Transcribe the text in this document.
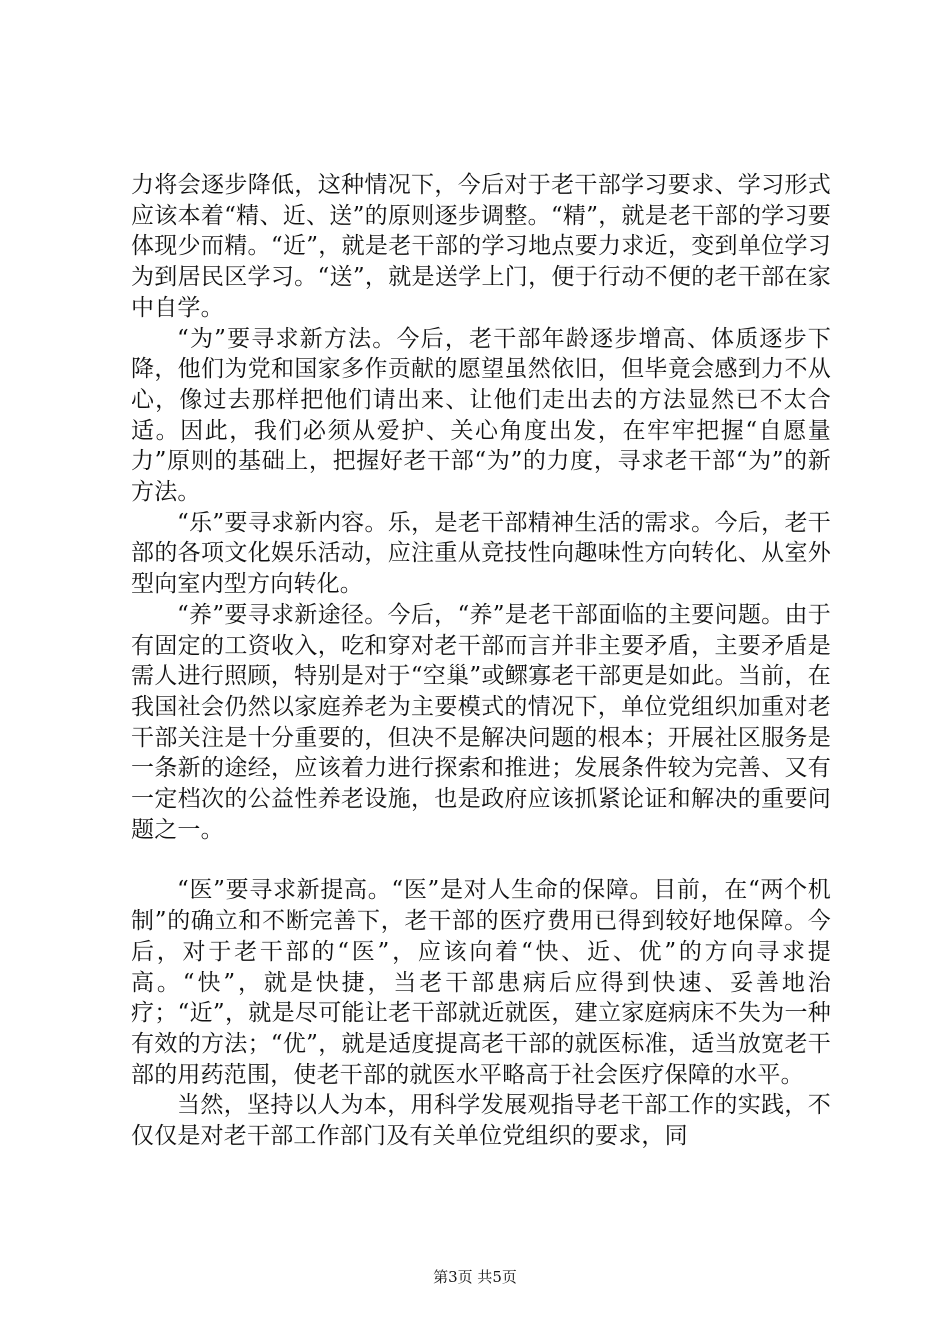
力将会逐步降低，这种情况下，今后对于老干部学习要求、学习形式应该本着“精、近、送”的原则逐步调整。“精”，就是老干部的学习要体现少而精。“近”，就是老干部的学习地点要力求近，变到单位学习为到居民区学习。“送”，就是送学上门，便于行动不便的老干部在家中自学。

“为”要寻求新方法。今后，老干部年龄逐步增高、体质逐步下降，他们为党和国家多作贡献的愿望虽然依旧，但毕竟会感到力不从心，像过去那样把他们请出来、让他们走出去的方法显然已不太合适。因此，我们必须从爱护、关心角度出发，在牢牢把握“自愿量力”原则的基础上，把握好老干部“为”的力度，寻求老干部“为”的新方法。

“乐”要寻求新内容。乐，是老干部精神生活的需求。今后，老干部的各项文化娱乐活动，应注重从竞技性向趣味性方向转化、从室外型向室内型方向转化。

“养”要寻求新途径。今后，“养”是老干部面临的主要问题。由于有固定的工资收入，吃和穿对老干部而言并非主要矛盾，主要矛盾是需人进行照顾，特别是对于“空巢”或鳏寡老干部更是如此。当前，在我国社会仍然以家庭养老为主要模式的情况下，单位党组织加重对老干部关注是十分重要的，但决不是解决问题的根本；开展社区服务是一条新的途经，应该着力进行探索和推进；发展条件较为完善、又有一定档次的公益性养老设施，也是政府应该抓紧论证和解决的重要问题之一。

“医”要寻求新提高。“医”是对人生命的保障。目前，在“两个机制”的确立和不断完善下，老干部的医疗费用已得到较好地保障。今后，对于老干部的“医”，应该向着“快、近、优”的方向寻求提高。“快”，就是快捷，当老干部患病后应得到快速、妥善地治疗；“近”，就是尽可能让老干部就近就医，建立家庭病床不失为一种有效的方法；“优”，就是适度提高老干部的就医标准，适当放宽老干部的用药范围，使老干部的就医水平略高于社会医疗保障的水平。

当然，坚持以人为本，用科学发展观指导老干部工作的实践，不仅仅是对老干部工作部门及有关单位党组织的要求，同

第3页 共5页
